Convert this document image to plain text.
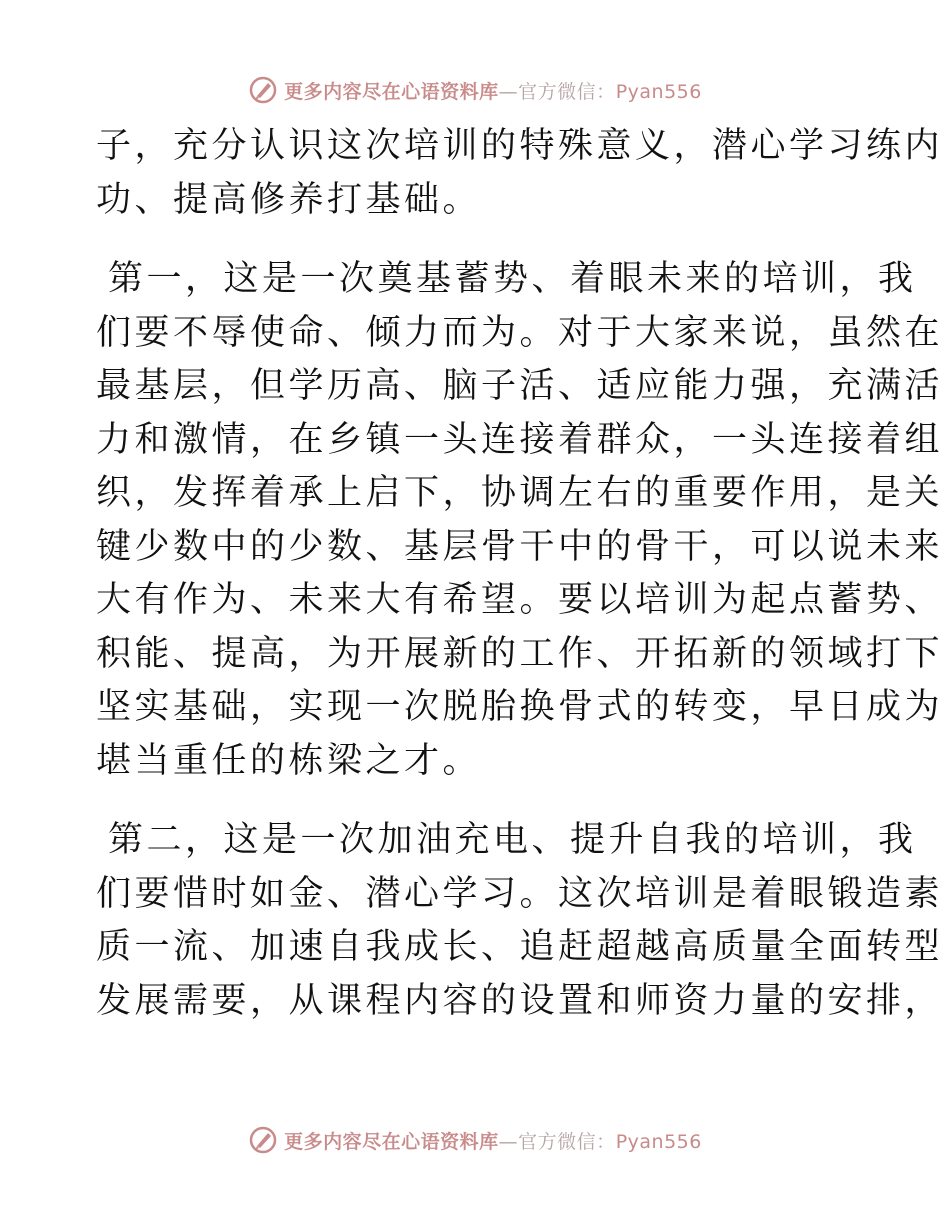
更多内容尽在心语资料库—官方微信：Pyan556
子，充分认识这次培训的特殊意义，潜心学习练内
功、提高修养打基础。
第一，这是一次奠基蓄势、着眼未来的培训，我
们要不辱使命、倾力而为。对于大家来说，虽然在
最基层，但学历高、脑子活、适应能力强，充满活
力和激情，在乡镇一头连接着群众，一头连接着组
织，发挥着承上启下，协调左右的重要作用，是关
键少数中的少数、基层骨干中的骨干，可以说未来
大有作为、未来大有希望。要以培训为起点蓄势、
积能、提高，为开展新的工作、开拓新的领域打下
坚实基础，实现一次脱胎换骨式的转变，早日成为
堪当重任的栋梁之才。
第二，这是一次加油充电、提升自我的培训，我
们要惜时如金、潜心学习。这次培训是着眼锻造素
质一流、加速自我成长、追赶超越高质量全面转型
发展需要，从课程内容的设置和师资力量的安排，
更多内容尽在心语资料库—官方微信：Pyan556
